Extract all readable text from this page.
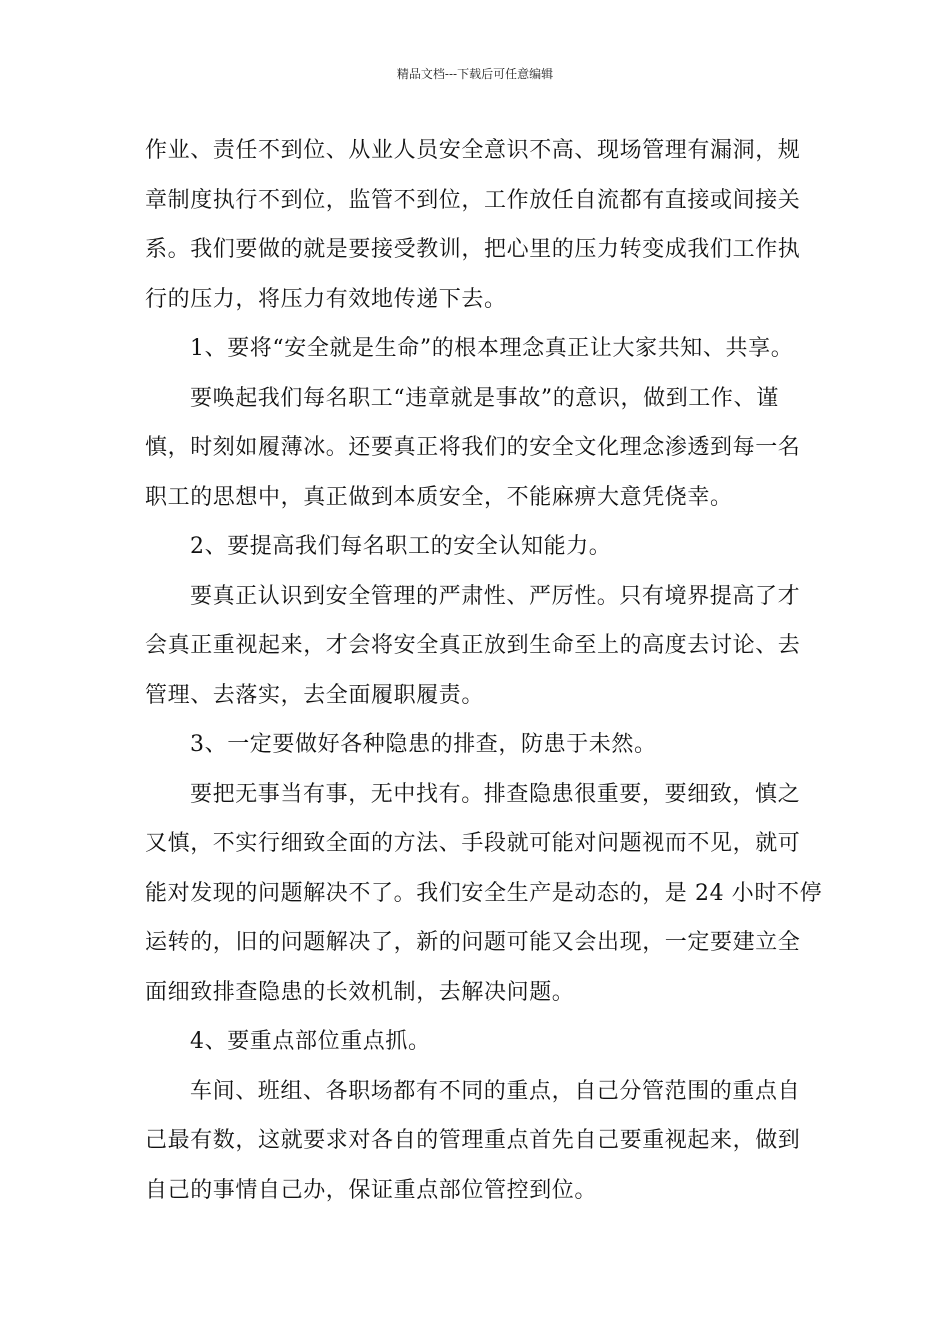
精品文档---下载后可任意编辑
作业、责任不到位、从业人员安全意识不高、现场管理有漏洞，规
章制度执行不到位，监管不到位，工作放任自流都有直接或间接关
系。我们要做的就是要接受教训，把心里的压力转变成我们工作执
行的压力，将压力有效地传递下去。
1、要将“安全就是生命”的根本理念真正让大家共知、共享。
要唤起我们每名职工“违章就是事故”的意识，做到工作、谨
慎，时刻如履薄冰。还要真正将我们的安全文化理念渗透到每一名
职工的思想中，真正做到本质安全，不能麻痹大意凭侥幸。
2、要提高我们每名职工的安全认知能力。
要真正认识到安全管理的严肃性、严厉性。只有境界提高了才
会真正重视起来，才会将安全真正放到生命至上的高度去讨论、去
管理、去落实，去全面履职履责。
3、一定要做好各种隐患的排查，防患于未然。
要把无事当有事，无中找有。排查隐患很重要，要细致，慎之
又慎，不实行细致全面的方法、手段就可能对问题视而不见，就可
能对发现的问题解决不了。我们安全生产是动态的，是 24 小时不停
运转的，旧的问题解决了，新的问题可能又会出现，一定要建立全
面细致排查隐患的长效机制，去解决问题。
4、要重点部位重点抓。
车间、班组、各职场都有不同的重点，自己分管范围的重点自
己最有数，这就要求对各自的管理重点首先自己要重视起来，做到
自己的事情自己办，保证重点部位管控到位。
